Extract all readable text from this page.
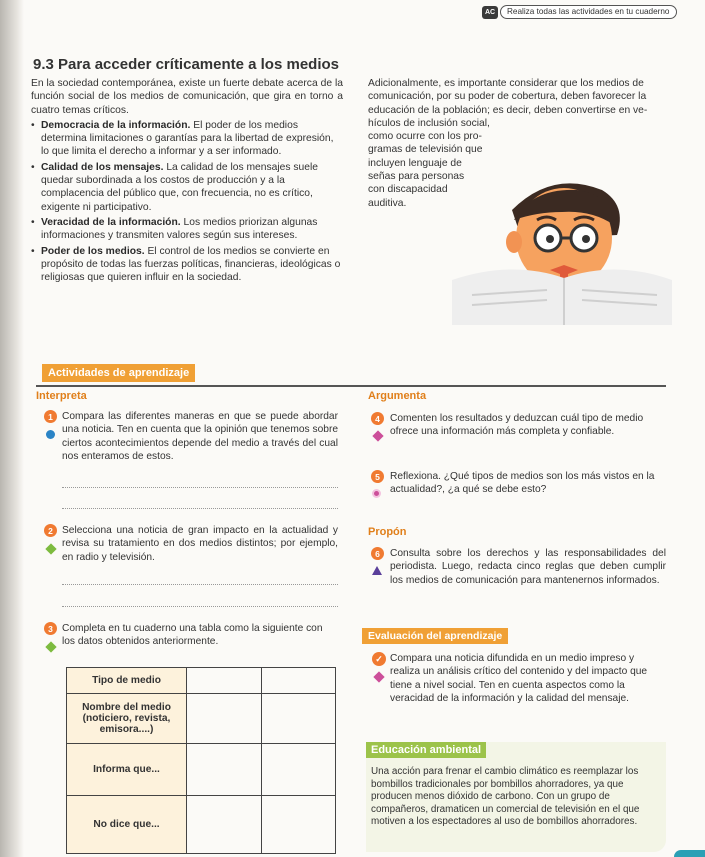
AC	Realiza todas las actividades en tu cuaderno
9.3 Para acceder críticamente a los medios

En la sociedad contemporánea, existe un fuerte debate acerca de la función social de los medios de comunicación, que gira en torno a cuatro temas críticos.

• Democracia de la información. El poder de los medios determina limitaciones o garantías para la libertad de expresión, lo que limita el derecho a informar y a ser informado.
• Calidad de los mensajes. La calidad de los mensajes suele quedar subordinada a los costos de producción y a la complacencia del público que, con frecuencia, no es crítico, exigente ni participativo.
• Veracidad de la información. Los medios priorizan algunas informaciones y transmiten valores según sus intereses.
• Poder de los medios. El control de los medios se convierte en propósito de todas las fuerzas políticas, financieras, ideológicas o religiosas que quieren influir en la sociedad.
Adicionalmente, es importante considerar que los medios de
comunicación, por su poder de cobertura, deben favorecer la
educación de la población; es decir, deben convertirse en ve-
hículos de inclusión social,
como ocurre con los pro-
gramas de televisión que
incluyen lenguaje de
señas para personas
con discapacidad
auditiva.
Actividades de aprendizaje
Interpreta
1 Compara las diferentes maneras en que se puede abordar una noticia. Ten en cuenta que la opinión que tenemos sobre ciertos acontecimientos depende del medio a través del cual nos enteramos de estos.
2 Selecciona una noticia de gran impacto en la actualidad y revisa su tratamiento en dos medios distintos; por ejemplo, en radio y televisión.
3 Completa en tu cuaderno una tabla como la siguiente con los datos obtenidos anteriormente.
Tipo de medio		
Nombre del medio (noticiero, revista, emisora....)		
Informa que...		
No dice que...		
Argumenta
4 Comenten los resultados y deduzcan cuál tipo de medio ofrece una información más completa y confiable.
5 Reflexiona. ¿Qué tipos de medios son los más vistos en la actualidad?, ¿a qué se debe esto?
Propón
6 Consulta sobre los derechos y las responsabilidades del periodista. Luego, redacta cinco reglas que deben cumplir los medios de comunicación para mantenernos informados.
Evaluación del aprendizaje
✓ Compara una noticia difundida en un medio impreso y realiza un análisis crítico del contenido y del impacto que tiene a nivel social. Ten en cuenta aspectos como la veracidad de la información y la calidad del mensaje.
Educación ambiental
Una acción para frenar el cambio climático es reemplazar los bombillos tradicionales por bombillos ahorradores, ya que producen menos dióxido de carbono. Con un grupo de compañeros, dramaticen un comercial de televisión en el que motiven a los espectadores al uso de bombillos ahorradores.
